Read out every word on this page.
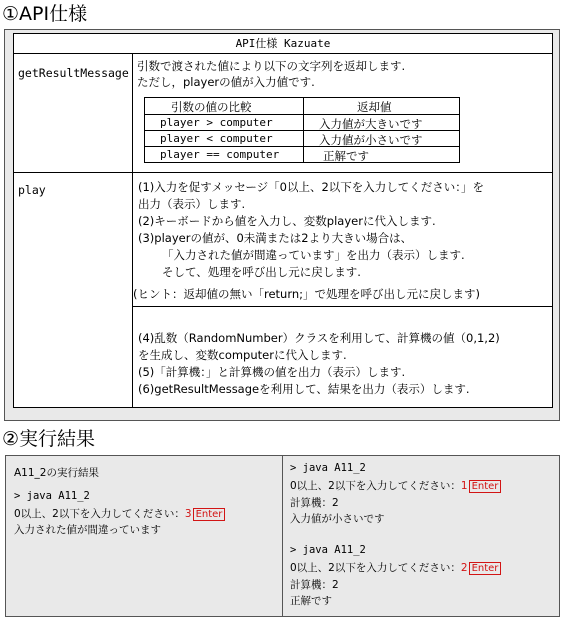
①API仕様
API仕様 Kazuate
getResultMessage 引数で渡された値により以下の文字列を返却します.
ただし，playerの値が入力値です.
引数の値の比較	返却値
player > computer	入力値が大きいです
player < computer	入力値が小さいです
player == computer	正解です
play	(1)入力を促すメッセージ「0以上、2以下を入力してください：」を
出力（表示）します.
(2)キーボードから値を入力し、変数playerに代入します.
(3)playerの値が、0未満または2より大きい場合は、
「入力された値が間違っています」を出力（表示）します.
そして、処理を呼び出し元に戻します.
(ヒント：返却値の無い「return;」で処理を呼び出し元に戻します)
(4)乱数（RandomNumber）クラスを利用して、計算機の値（0,1,2)
を生成し、変数computerに代入します.
(5)「計算機：」と計算機の値を出力（表示）します.
(6)getResultMessageを利用して、結果を出力（表示）します.
②実行結果
A11_2の実行結果
> java A11_2
0以上、2以下を入力してください：3 Enter
入力された値が間違っています
> java A11_2
0以上、2以下を入力してください：1 Enter
計算機：2
入力値が小さいです
> java A11_2
0以上、2以下を入力してください：2 Enter
計算機：2
正解です
